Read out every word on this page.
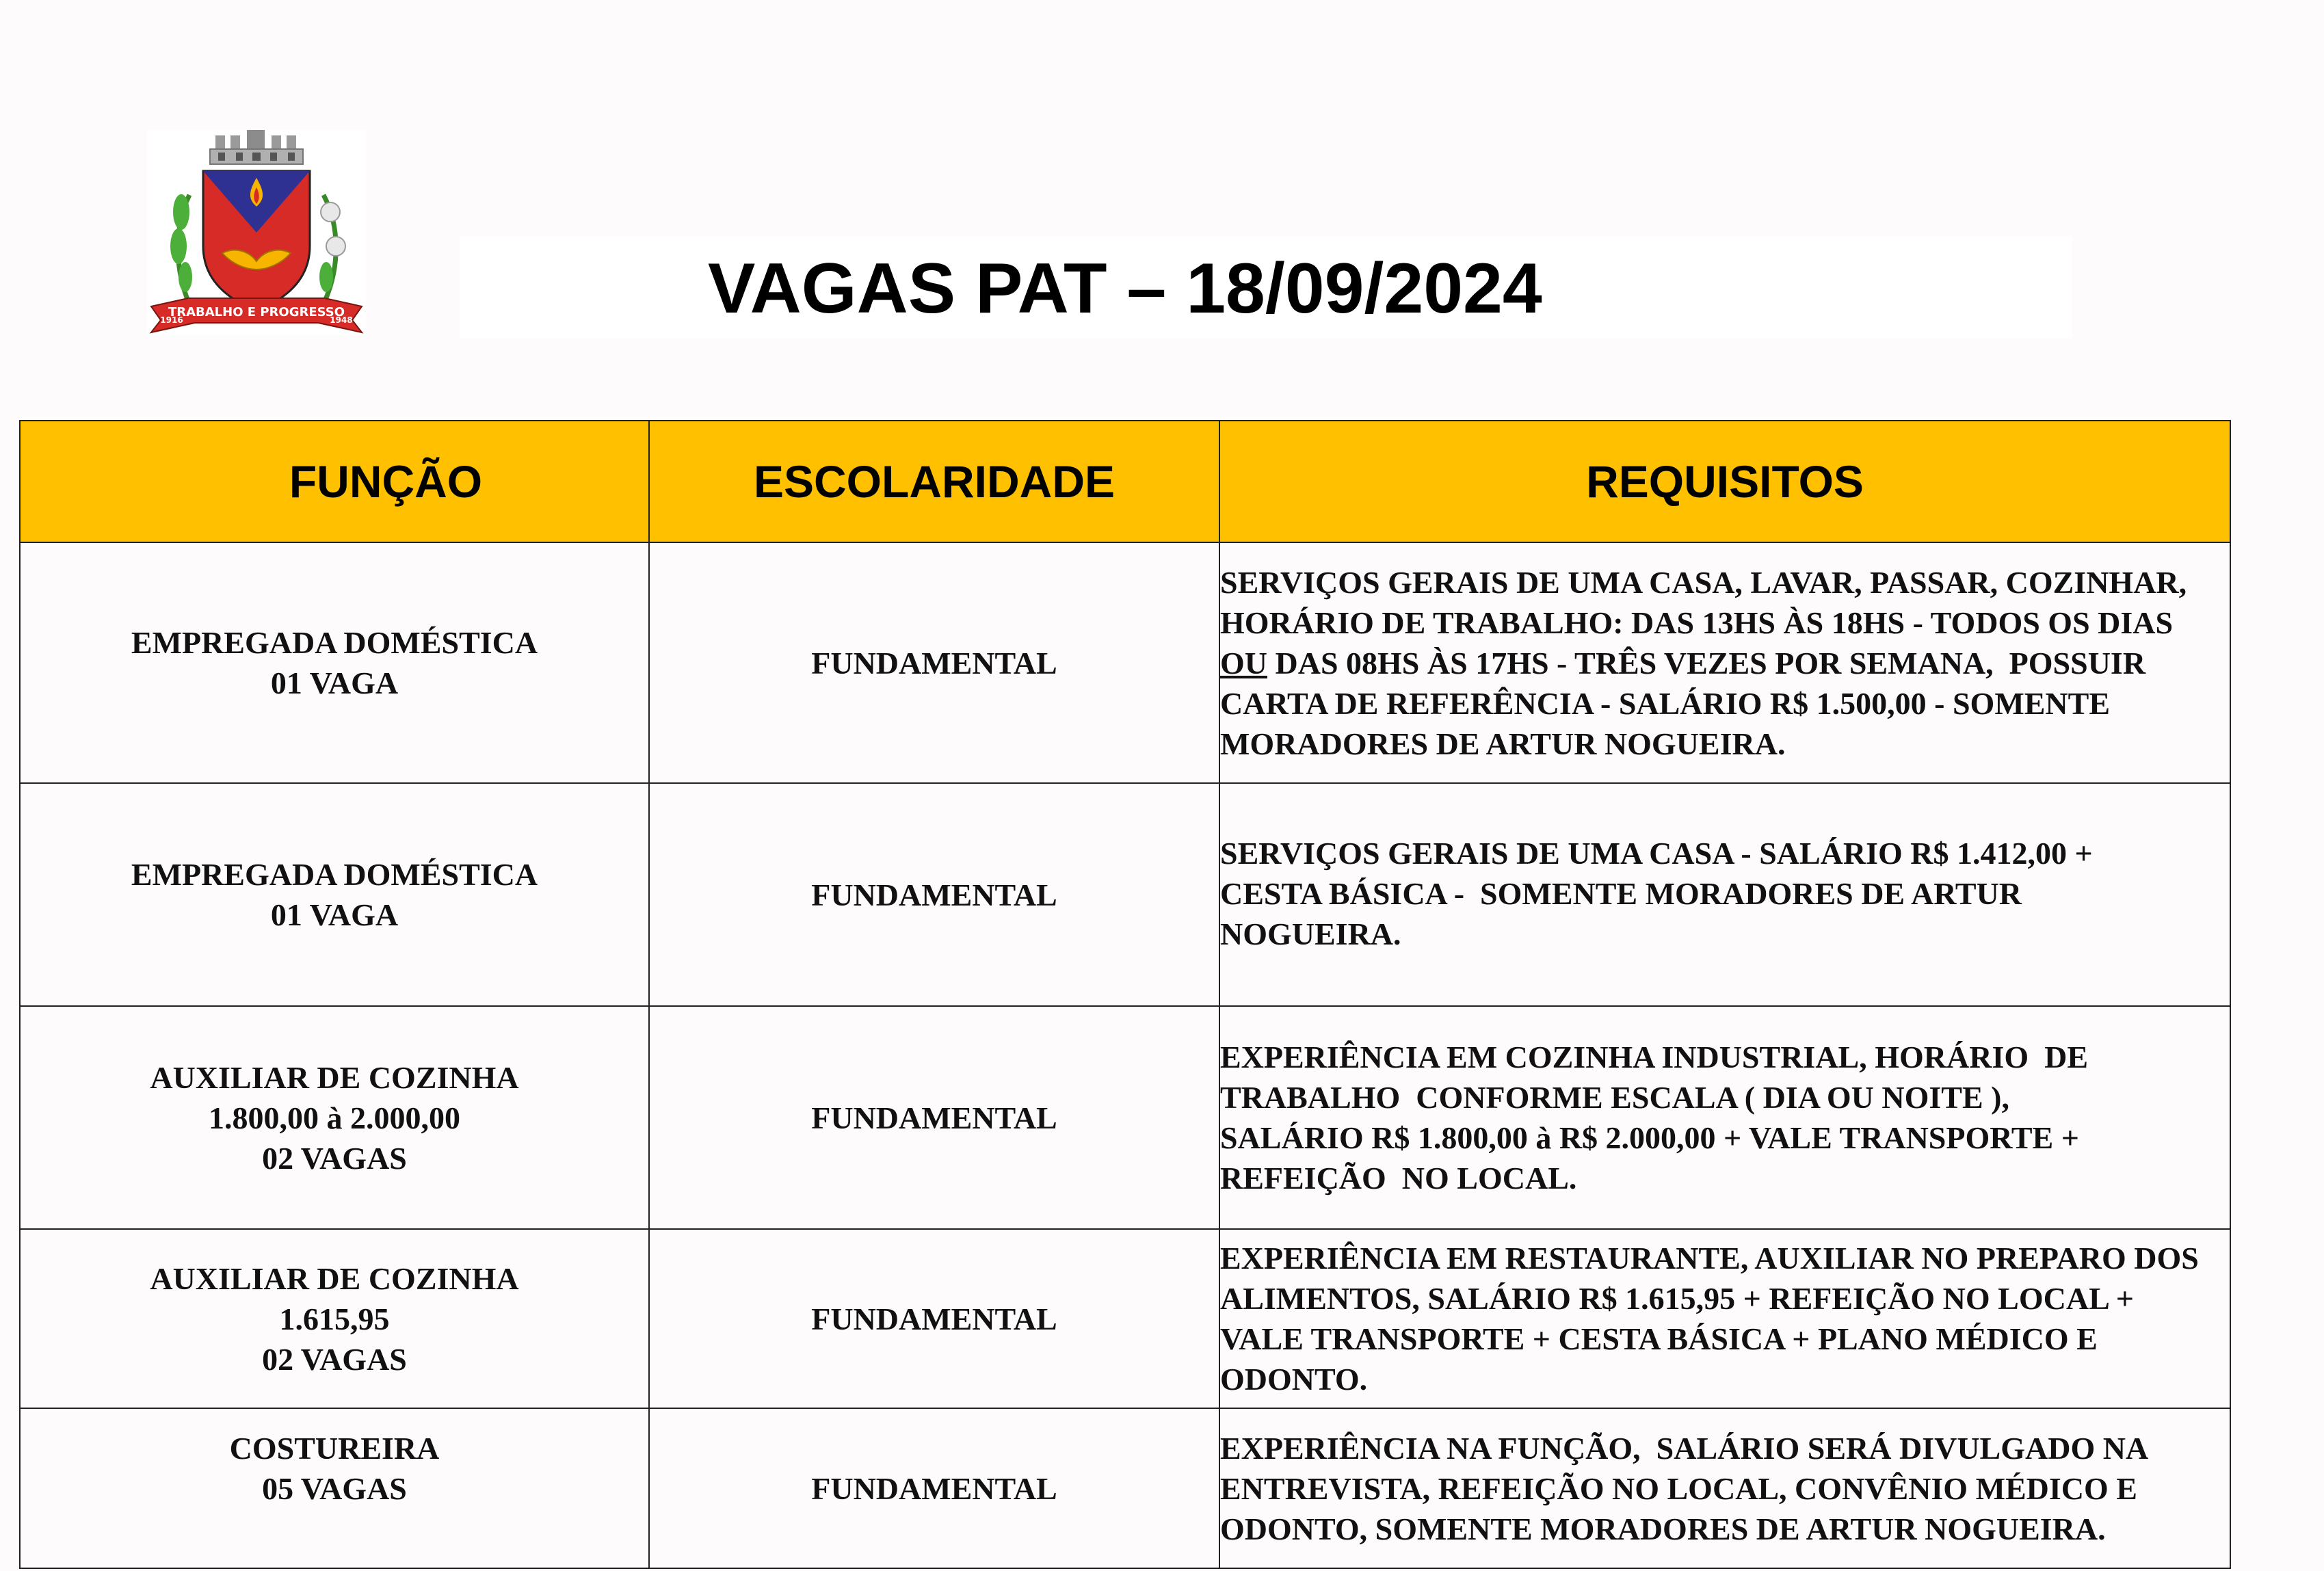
TRABALHO E PROGRESSO
1916	1948	VAGAS PAT – 18/09/2024
FUNÇÃO	ESCOLARIDADE	REQUISITOS

EMPREGADA DOMÉSTICA
01 VAGA	FUNDAMENTAL	SERVIÇOS GERAIS DE UMA CASA, LAVAR, PASSAR, COZINHAR,
HORÁRIO DE TRABALHO: DAS 13HS ÀS 18HS - TODOS OS DIAS
OU DAS 08HS ÀS 17HS - TRÊS VEZES POR SEMANA,  POSSUIR
CARTA DE REFERÊNCIA - SALÁRIO R$ 1.500,00 - SOMENTE
MORADORES DE ARTUR NOGUEIRA.

EMPREGADA DOMÉSTICA
01 VAGA	FUNDAMENTAL	SERVIÇOS GERAIS DE UMA CASA - SALÁRIO R$ 1.412,00 +
CESTA BÁSICA -  SOMENTE MORADORES DE ARTUR
NOGUEIRA.

AUXILIAR DE COZINHA
1.800,00 à 2.000,00
02 VAGAS	FUNDAMENTAL	EXPERIÊNCIA EM COZINHA INDUSTRIAL, HORÁRIO  DE
TRABALHO  CONFORME ESCALA ( DIA OU NOITE ),
SALÁRIO R$ 1.800,00 à R$ 2.000,00 + VALE TRANSPORTE +
REFEIÇÃO  NO LOCAL.

AUXILIAR DE COZINHA
1.615,95
02 VAGAS	FUNDAMENTAL	EXPERIÊNCIA EM RESTAURANTE, AUXILIAR NO PREPARO DOS
ALIMENTOS, SALÁRIO R$ 1.615,95 + REFEIÇÃO NO LOCAL +
VALE TRANSPORTE + CESTA BÁSICA + PLANO MÉDICO E
ODONTO.

COSTUREIRA
05 VAGAS	FUNDAMENTAL	EXPERIÊNCIA NA FUNÇÃO,  SALÁRIO SERÁ DIVULGADO NA
ENTREVISTA, REFEIÇÃO NO LOCAL, CONVÊNIO MÉDICO E
ODONTO, SOMENTE MORADORES DE ARTUR NOGUEIRA.
